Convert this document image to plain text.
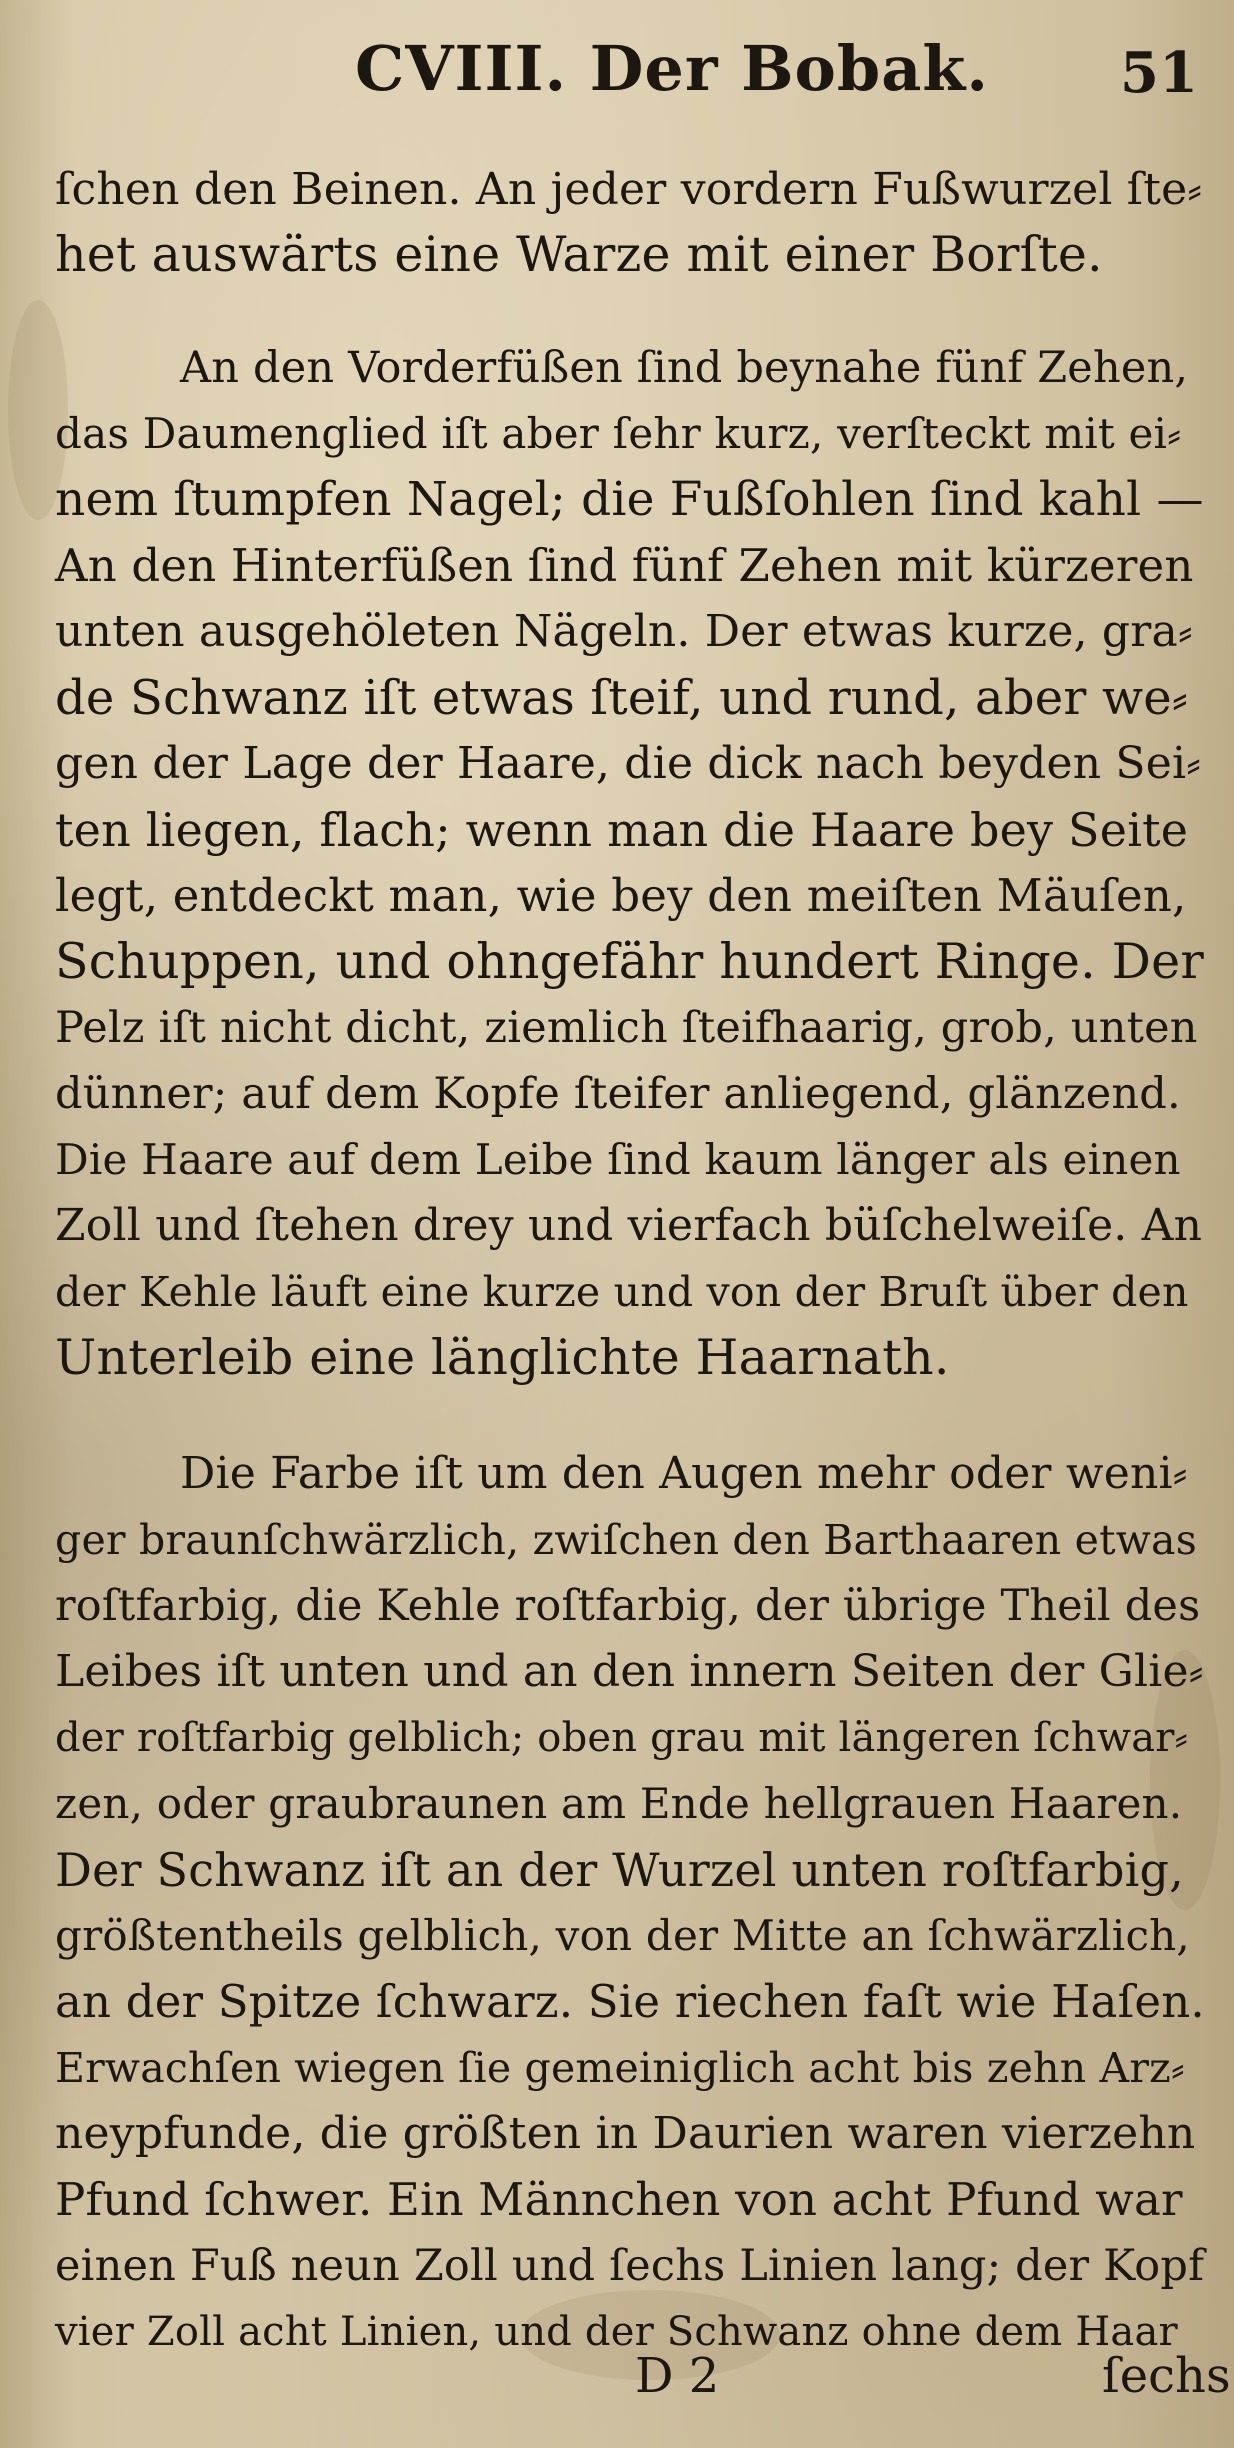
CVIII. Der Bobak. 51
ſchen den Beinen. An jeder vordern Fußwurzel ſte⸗
het auswärts eine Warze mit einer Borſte.
An den Vorderfüßen ſind beynahe fünf Zehen,
das Daumenglied iſt aber ſehr kurz, verſteckt mit ei⸗
nem ſtumpfen Nagel; die Fußſohlen ſind kahl —
An den Hinterfüßen ſind fünf Zehen mit kürzeren
unten ausgehöleten Nägeln. Der etwas kurze, gra⸗
de Schwanz iſt etwas ſteif, und rund, aber we⸗
gen der Lage der Haare, die dick nach beyden Sei⸗
ten liegen, flach; wenn man die Haare bey Seite
legt, entdeckt man, wie bey den meiſten Mäuſen,
Schuppen, und ohngefähr hundert Ringe. Der
Pelz iſt nicht dicht, ziemlich ſteifhaarig, grob, unten
dünner; auf dem Kopfe ſteifer anliegend, glänzend.
Die Haare auf dem Leibe ſind kaum länger als einen
Zoll und ſtehen drey und vierfach büſchelweiſe. An
der Kehle läuft eine kurze und von der Bruſt über den
Unterleib eine länglichte Haarnath.
Die Farbe iſt um den Augen mehr oder weni⸗
ger braunſchwärzlich, zwiſchen den Barthaaren etwas
roſtfarbig, die Kehle roſtfarbig, der übrige Theil des
Leibes iſt unten und an den innern Seiten der Glie⸗
der roſtfarbig gelblich; oben grau mit längeren ſchwar⸗
zen, oder graubraunen am Ende hellgrauen Haaren.
Der Schwanz iſt an der Wurzel unten roſtfarbig,
größtentheils gelblich, von der Mitte an ſchwärzlich,
an der Spitze ſchwarz. Sie riechen faſt wie Haſen.
Erwachſen wiegen ſie gemeiniglich acht bis zehn Arz⸗
neypfunde, die größten in Daurien waren vierzehn
Pfund ſchwer. Ein Männchen von acht Pfund war
einen Fuß neun Zoll und ſechs Linien lang; der Kopf
vier Zoll acht Linien, und der Schwanz ohne dem Haar
D 2	ſechs
